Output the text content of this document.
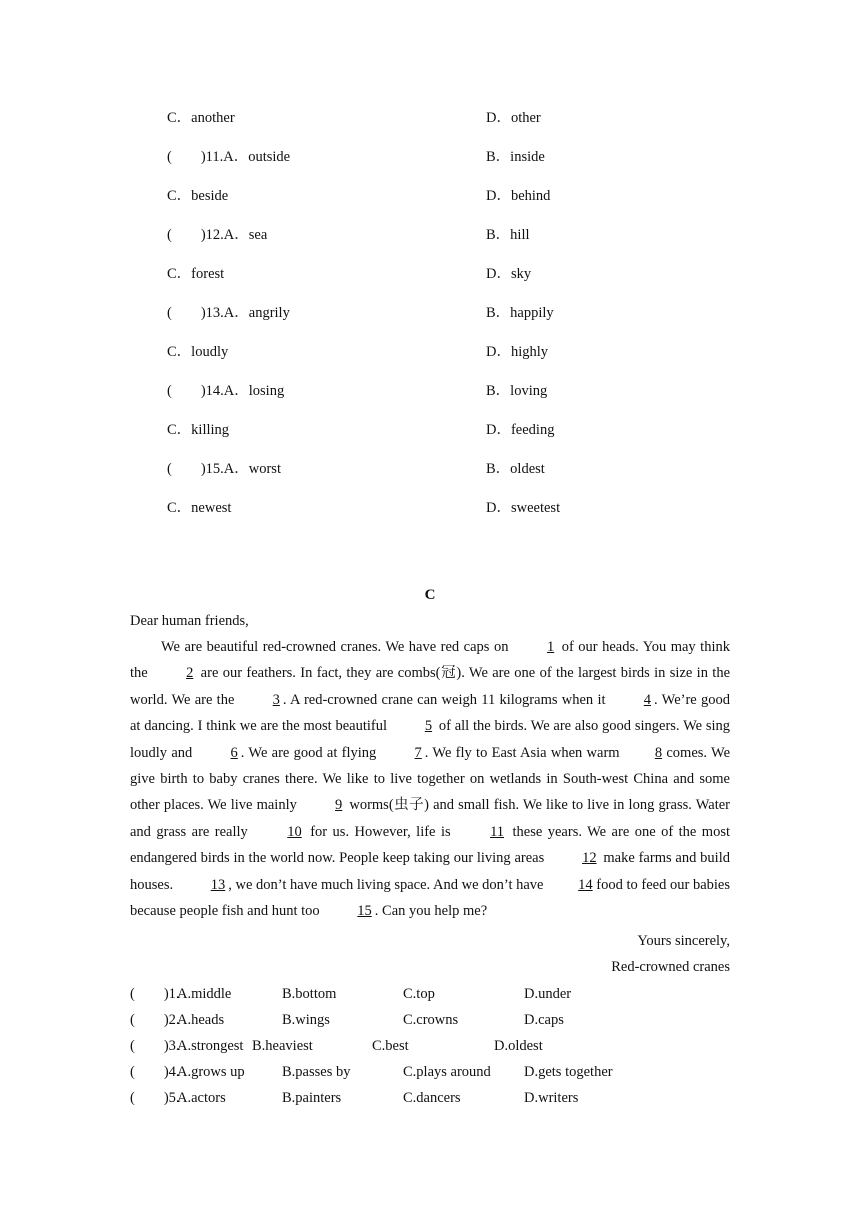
C．another	D．other
(　　)11.A．outside	B．inside
C．beside	D．behind
(　　)12.A．sea	B．hill
C．forest	D．sky
(　　)13.A．angrily	B．happily
C．loudly	D．highly
(　　)14.A．losing	B．loving
C．killing	D．feeding
(　　)15.A．worst	B．oldest
C．newest	D．sweetest
C
Dear human friends,

We are beautiful red-crowned cranes. We have red caps on 1 of our heads. You may think the 2 are our feathers. In fact, they are combs(冠). We are one of the largest birds in size in the world. We are the 3 . A red-crowned crane can weigh 11 kilograms when it 4 . We’re good at dancing. I think we are the most beautiful 5 of all the birds. We are also good singers. We sing loudly and 6 . We are good at flying 7 . We fly to East Asia when warm 8 comes. We give birth to baby cranes there. We like to live together on wetlands in South-west China and some other places. We live mainly 9 worms(虫子) and small fish. We like to live in long grass. Water and grass are really 10 for us. However, life is 11 these years. We are one of the most endangered birds in the world now. People keep taking our living areas 12 make farms and build houses. 13 , we don’t have much living space. And we don’t have 14 food to feed our babies because people fish and hunt too 15 . Can you help me?

Yours sincerely,
Red-crowned cranes
(　　)1.
A.middle	B.bottom	C.top	D.under
(　　)2.
A.heads	B.wings	C.crowns	D.caps
(　　)3.
A.strongest B.heaviest	C.best	D.oldest
(　　)4.
A.grows up	B.passes by	C.plays around D.gets together
(　　)5.
A.actors	B.painters	C.dancers	D.writers
